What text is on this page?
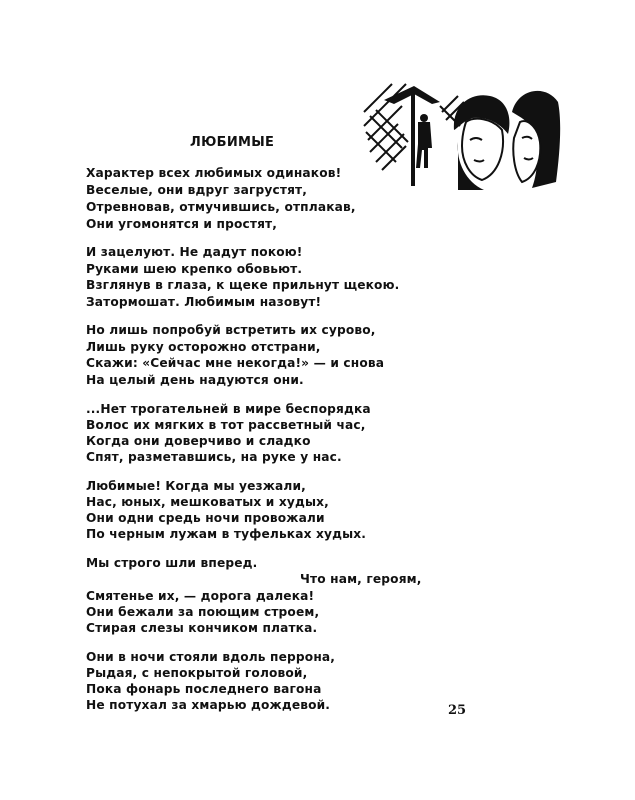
ЛЮБИМЫЕ
Характер всех любимых одинаков!
Веселые, они вдруг загрустят,
Отревновав, отмучившись, отплакав,
Они угомонятся и простят,
И зацелуют. Не дадут покою!
Руками шею крепко обовьют.
Взглянув в глаза, к щеке прильнут щекою.
Затормошат. Любимым назовут!
Но лишь попробуй встретить их сурово,
Лишь руку осторожно отстрани,
Скажи: «Сейчас мне некогда!» — и снова
На целый день надуются они.
...Нет трогательней в мире беспорядка
Волос их мягких в тот рассветный час,
Когда они доверчиво и сладко
Спят, разметавшись, на руке у нас.
Любимые! Когда мы уезжали,
Нас, юных, мешковатых и худых,
Они одни средь ночи провожали
По черным лужам в туфельках худых.
Мы строго шли вперед.
Что нам, героям,
Смятенье их, — дорога далека!
Они бежали за поющим строем,
Стирая слезы кончиком платка.
Они в ночи стояли вдоль перрона,
Рыдая, с непокрытой головой,
Пока фонарь последнего вагона
Не потухал за хмарью дождевой.	25
